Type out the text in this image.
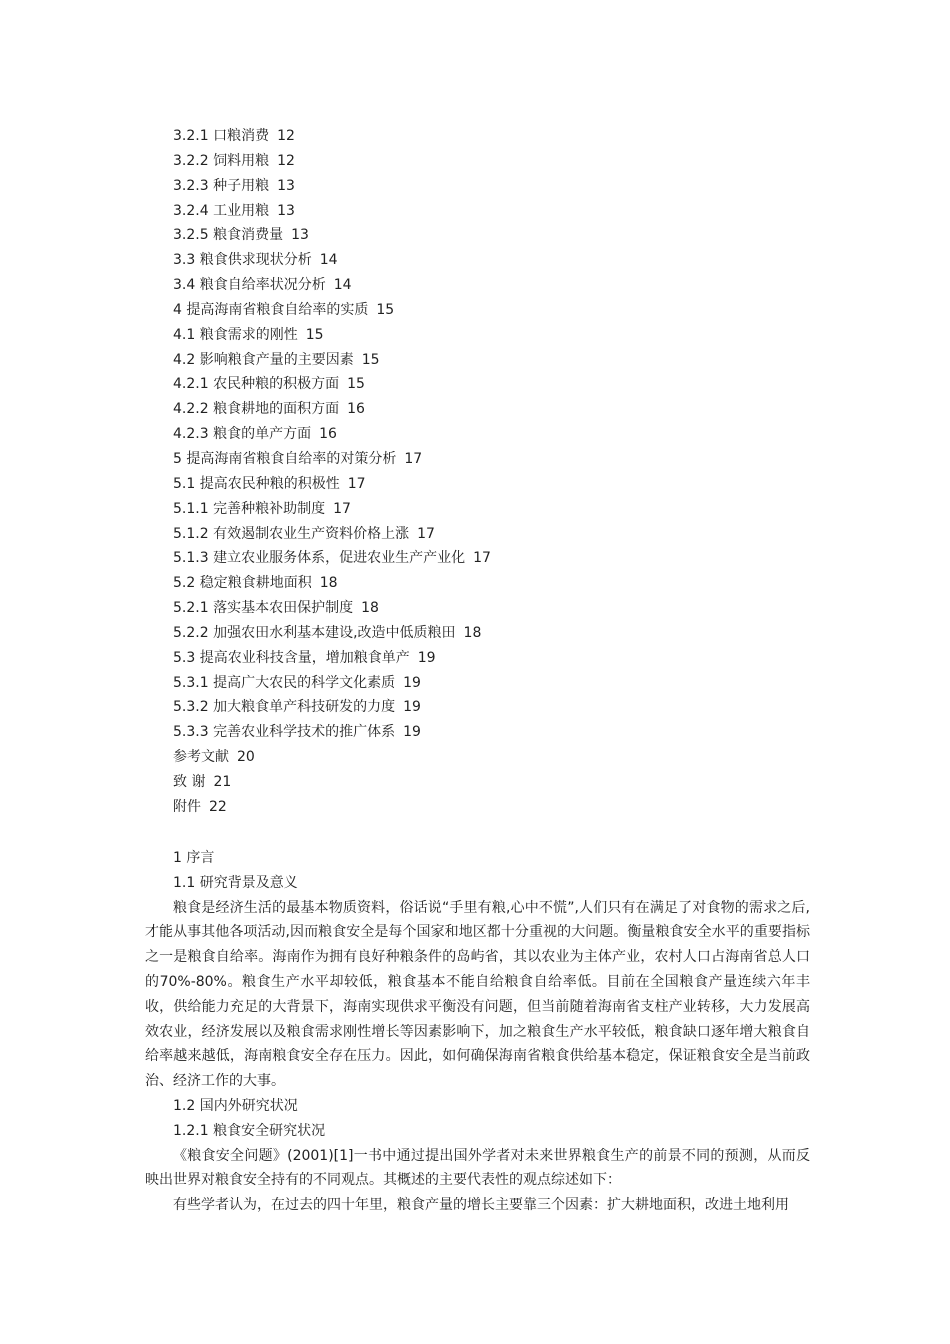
3.2.1 口粮消费 12
3.2.2 饲料用粮 12
3.2.3 种子用粮 13
3.2.4 工业用粮 13
3.2.5 粮食消费量 13
3.3 粮食供求现状分析 14
3.4 粮食自给率状况分析 14
4 提高海南省粮食自给率的实质 15
4.1 粮食需求的刚性 15
4.2 影响粮食产量的主要因素 15
4.2.1 农民种粮的积极方面 15
4.2.2 粮食耕地的面积方面 16
4.2.3 粮食的单产方面 16
5 提高海南省粮食自给率的对策分析 17
5.1 提高农民种粮的积极性 17
5.1.1 完善种粮补助制度 17
5.1.2 有效遏制农业生产资料价格上涨 17
5.1.3 建立农业服务体系，促进农业生产产业化 17
5.2 稳定粮食耕地面积 18
5.2.1 落实基本农田保护制度 18
5.2.2 加强农田水利基本建设,改造中低质粮田 18
5.3 提高农业科技含量，增加粮食单产 19
5.3.1 提高广大农民的科学文化素质 19
5.3.2 加大粮食单产科技研发的力度 19
5.3.3 完善农业科学技术的推广体系 19
参考文献 20
致 谢 21
附件 22
1 序言
1.1 研究背景及意义

粮食是经济生活的最基本物质资料，俗话说“手里有粮,心中不慌”,人们只有在满足了对食物的需求之后,才能从事其他各项活动,因而粮食安全是每个国家和地区都十分重视的大问题。衡量粮食安全水平的重要指标之一是粮食自给率。海南作为拥有良好种粮条件的岛屿省，其以农业为主体产业，农村人口占海南省总人口的70%-80%。粮食生产水平却较低，粮食基本不能自给粮食自给率低。目前在全国粮食产量连续六年丰收，供给能力充足的大背景下，海南实现供求平衡没有问题，但当前随着海南省支柱产业转移，大力发展高效农业，经济发展以及粮食需求刚性增长等因素影响下，加之粮食生产水平较低，粮食缺口逐年增大粮食自给率越来越低，海南粮食安全存在压力。因此，如何确保海南省粮食供给基本稳定，保证粮食安全是当前政治、经济工作的大事。

1.2 国内外研究状况
1.2.1 粮食安全研究状况

《粮食安全问题》(2001)[1]一书中通过提出国外学者对未来世界粮食生产的前景不同的预测，从而反映出世界对粮食安全持有的不同观点。其概述的主要代表性的观点综述如下：

有些学者认为，在过去的四十年里，粮食产量的增长主要靠三个因素：扩大耕地面积，改进土地利用
